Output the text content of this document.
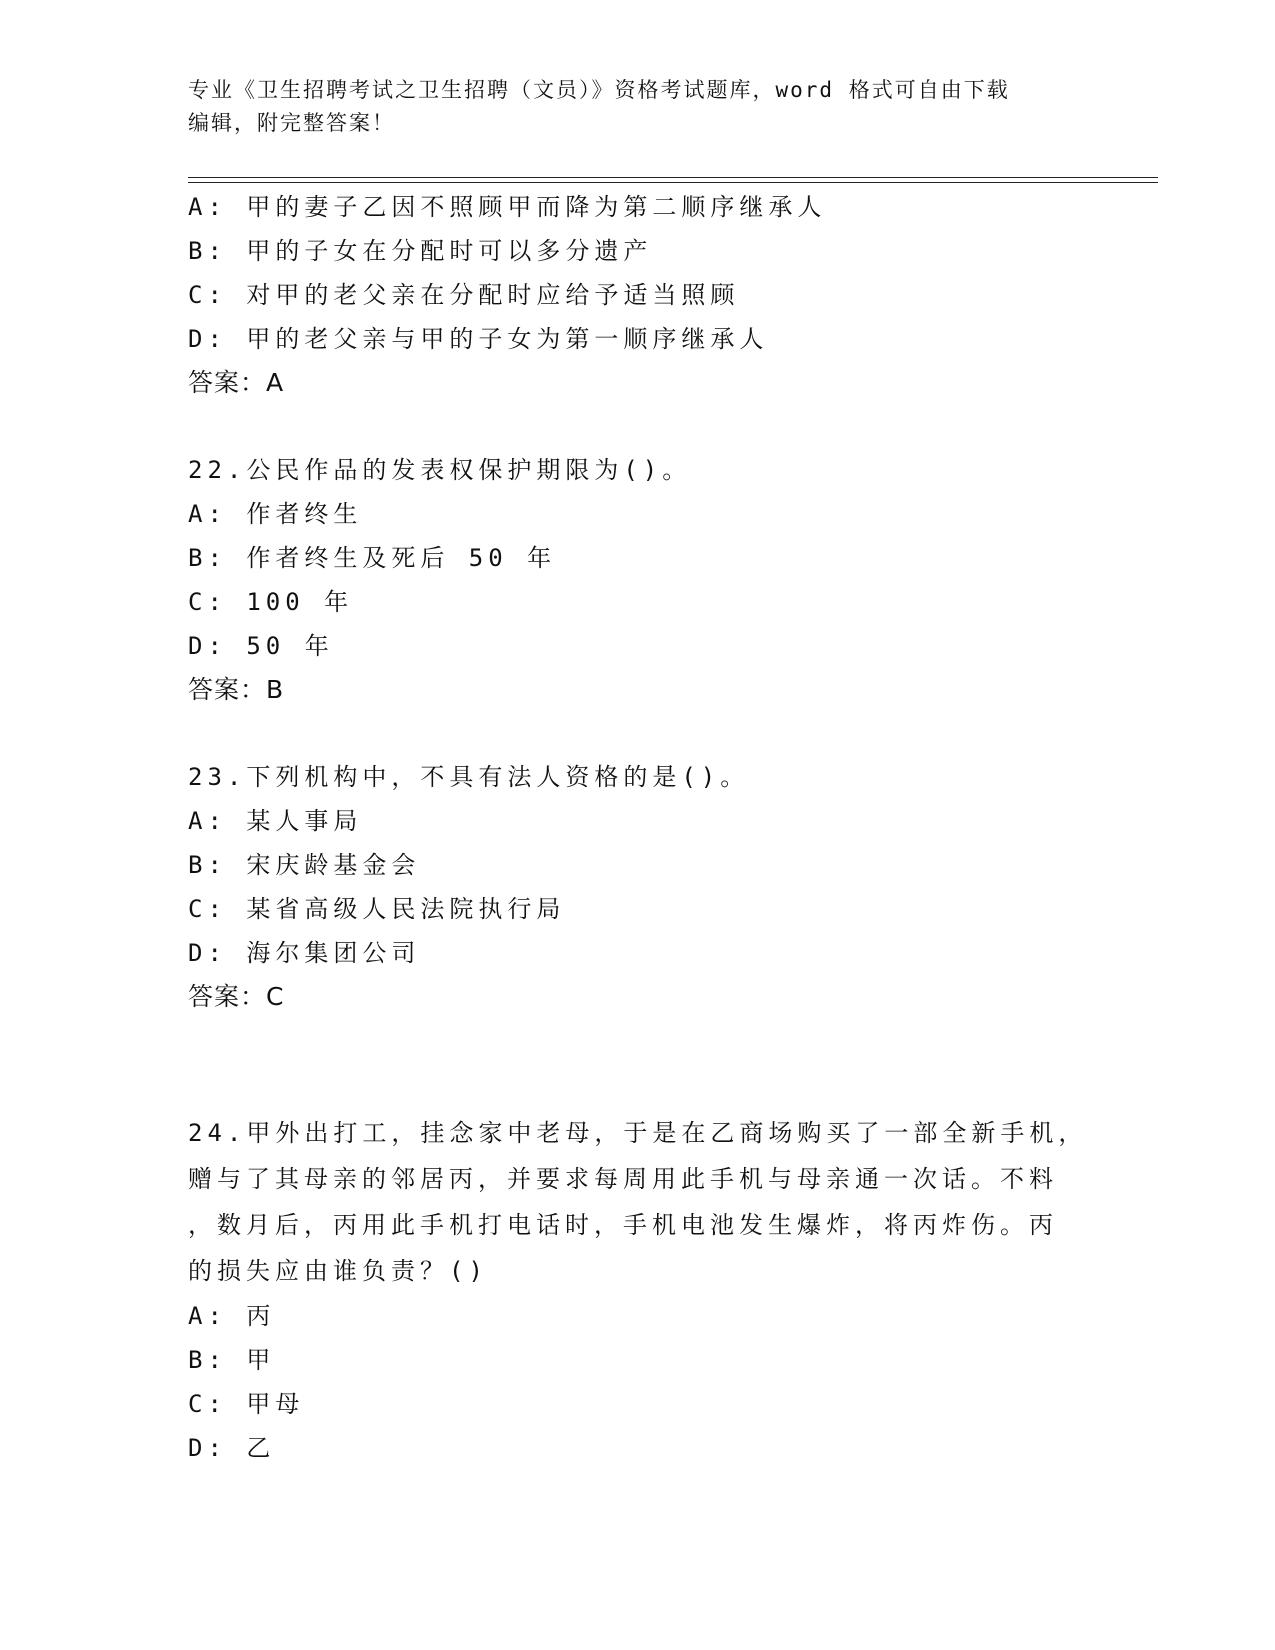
专业《卫生招聘考试之卫生招聘（文员）》资格考试题库，word 格式可自由下载
编辑，附完整答案！
A: 甲的妻子乙因不照顾甲而降为第二顺序继承人
B: 甲的子女在分配时可以多分遗产
C: 对甲的老父亲在分配时应给予适当照顾
D: 甲的老父亲与甲的子女为第一顺序继承人
答案：A
22.公民作品的发表权保护期限为()。
A: 作者终生
B: 作者终生及死后 50 年
C: 100 年
D: 50 年
答案：B
23.下列机构中，不具有法人资格的是()。
A: 某人事局
B: 宋庆龄基金会
C: 某省高级人民法院执行局
D: 海尔集团公司
答案：C
24.甲外出打工，挂念家中老母，于是在乙商场购买了一部全新手机，
赠与了其母亲的邻居丙，并要求每周用此手机与母亲通一次话。不料
，数月后，丙用此手机打电话时，手机电池发生爆炸，将丙炸伤。丙
的损失应由谁负责？()
A: 丙
B: 甲
C: 甲母
D: 乙
